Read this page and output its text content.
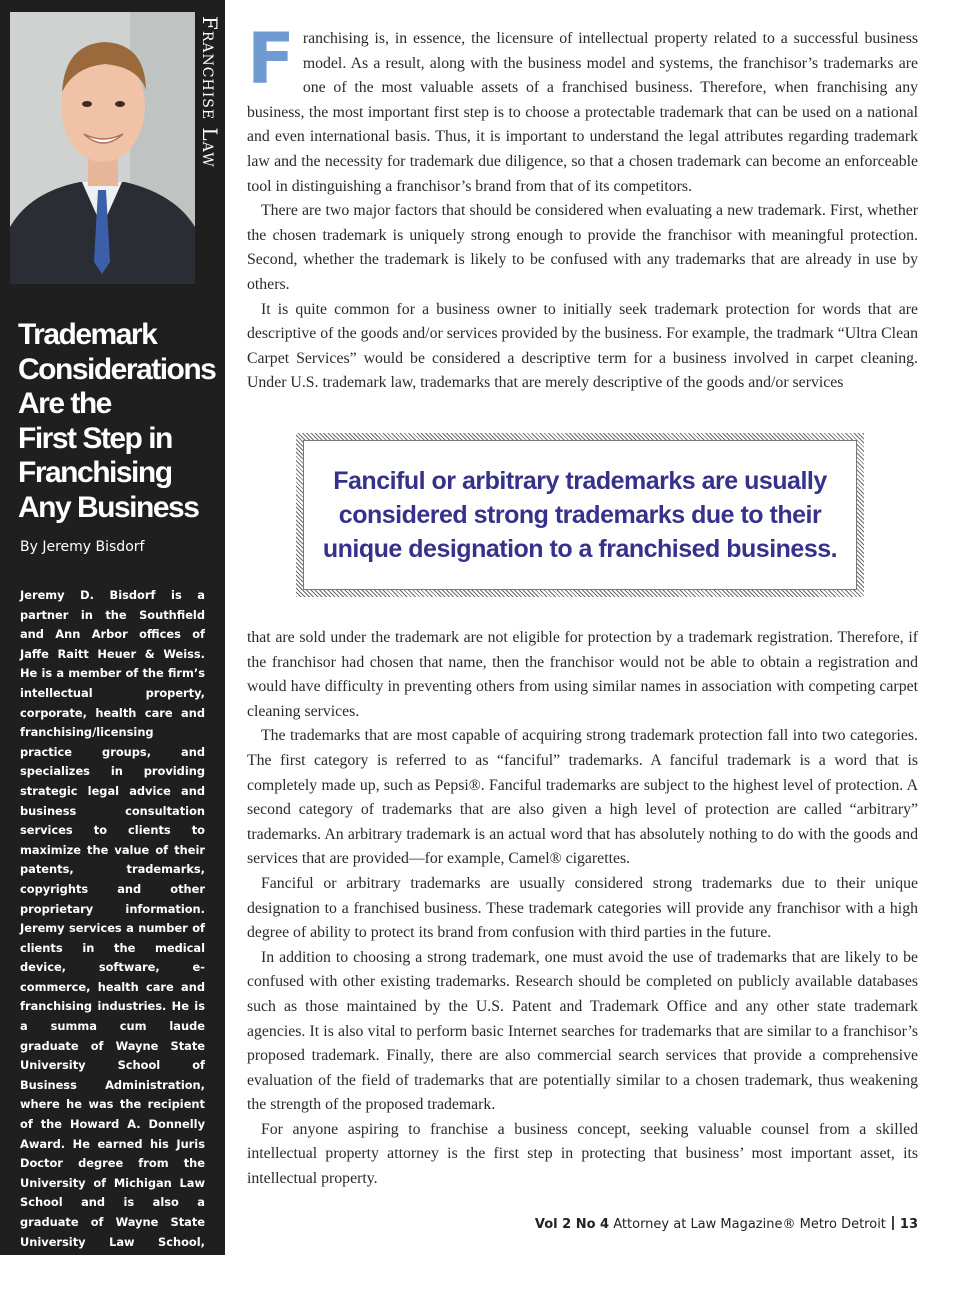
Franchise Law
Trademark
Considerations
Are the
First Step in
Franchising
Any Business

By Jeremy Bisdorf

Jeremy D. Bisdorf is a partner in the Southfield and Ann Arbor offices of Jaffe Raitt Heuer & Weiss. He is a member of the firm’s intellectual property, corporate, health care and franchising/licensing practice groups, and specializes in providing strategic legal advice and business consultation services to clients to maximize the value of their patents, trademarks, copyrights and other proprietary information. Jeremy services a number of clients in the medical device, software, e-commerce, health care and franchising industries. He is a summa cum laude graduate of Wayne State University School of Business Administration, where he was the recipient of the Howard A. Donnelly Award. He earned his Juris Doctor degree from the University of Michigan Law School and is also a graduate of Wayne State University Law School, where he received his LL.M. in taxation. Email jbisdorf@ jaffelaw.com for more info.

Franchising is, in essence, the licensure of intellectual property related to a successful business model. As a result, along with the business model and systems, the franchisor’s trademarks are one of the most valuable assets of a franchised business. Therefore, when franchising any business, the most important first step is to choose a protectable trademark that can be used on a national and even international basis. Thus, it is important to understand the legal attributes regarding trademark law and the necessity for trademark due diligence, so that a chosen trademark can become an enforceable tool in distinguishing a franchisor’s brand from that of its competitors.

There are two major factors that should be considered when evaluating a new trademark. First, whether the chosen trademark is uniquely strong enough to provide the franchisor with meaningful protection. Second, whether the trademark is likely to be confused with any trademarks that are already in use by others.

It is quite common for a business owner to initially seek trademark protection for words that are descriptive of the goods and/or services provided by the business. For example, the tradmark “Ultra Clean Carpet Services” would be considered a descriptive term for a business involved in carpet cleaning. Under U.S. trademark law, trademarks that are merely descriptive of the goods and/or services

Fanciful or arbitrary trademarks are usually considered strong trademarks due to their unique designation to a franchised business.

that are sold under the trademark are not eligible for protection by a trademark registration. Therefore, if the franchisor had chosen that name, then the franchisor would not be able to obtain a registration and would have difficulty in preventing others from using similar names in association with competing carpet cleaning services.

The trademarks that are most capable of acquiring strong trademark protection fall into two categories. The first category is referred to as “fanciful” trademarks. A fanciful trademark is a word that is completely made up, such as Pepsi®. Fanciful trademarks are subject to the highest level of protection. A second category of trademarks that are also given a high level of protection are called “arbitrary” trademarks. An arbitrary trademark is an actual word that has absolutely nothing to do with the goods and services that are provided—for example, Camel® cigarettes.

Fanciful or arbitrary trademarks are usually considered strong trademarks due to their unique designation to a franchised business. These trademark categories will provide any franchisor with a high degree of ability to protect its brand from confusion with third parties in the future.

In addition to choosing a strong trademark, one must avoid the use of trademarks that are likely to be confused with other existing trademarks. Research should be completed on publicly available databases such as those maintained by the U.S. Patent and Trademark Office and any other state trademark agencies. It is also vital to perform basic Internet searches for trademarks that are similar to a franchisor’s proposed trademark. Finally, there are also commercial search services that provide a comprehensive evaluation of the field of trademarks that are potentially similar to a chosen trademark, thus weakening the strength of the proposed trademark.

For anyone aspiring to franchise a business concept, seeking valuable counsel from a skilled intellectual property attorney is the first step in protecting that business’ most important asset, its intellectual property.

Vol 2 No 4 Attorney at Law Magazine® Metro Detroit 13
